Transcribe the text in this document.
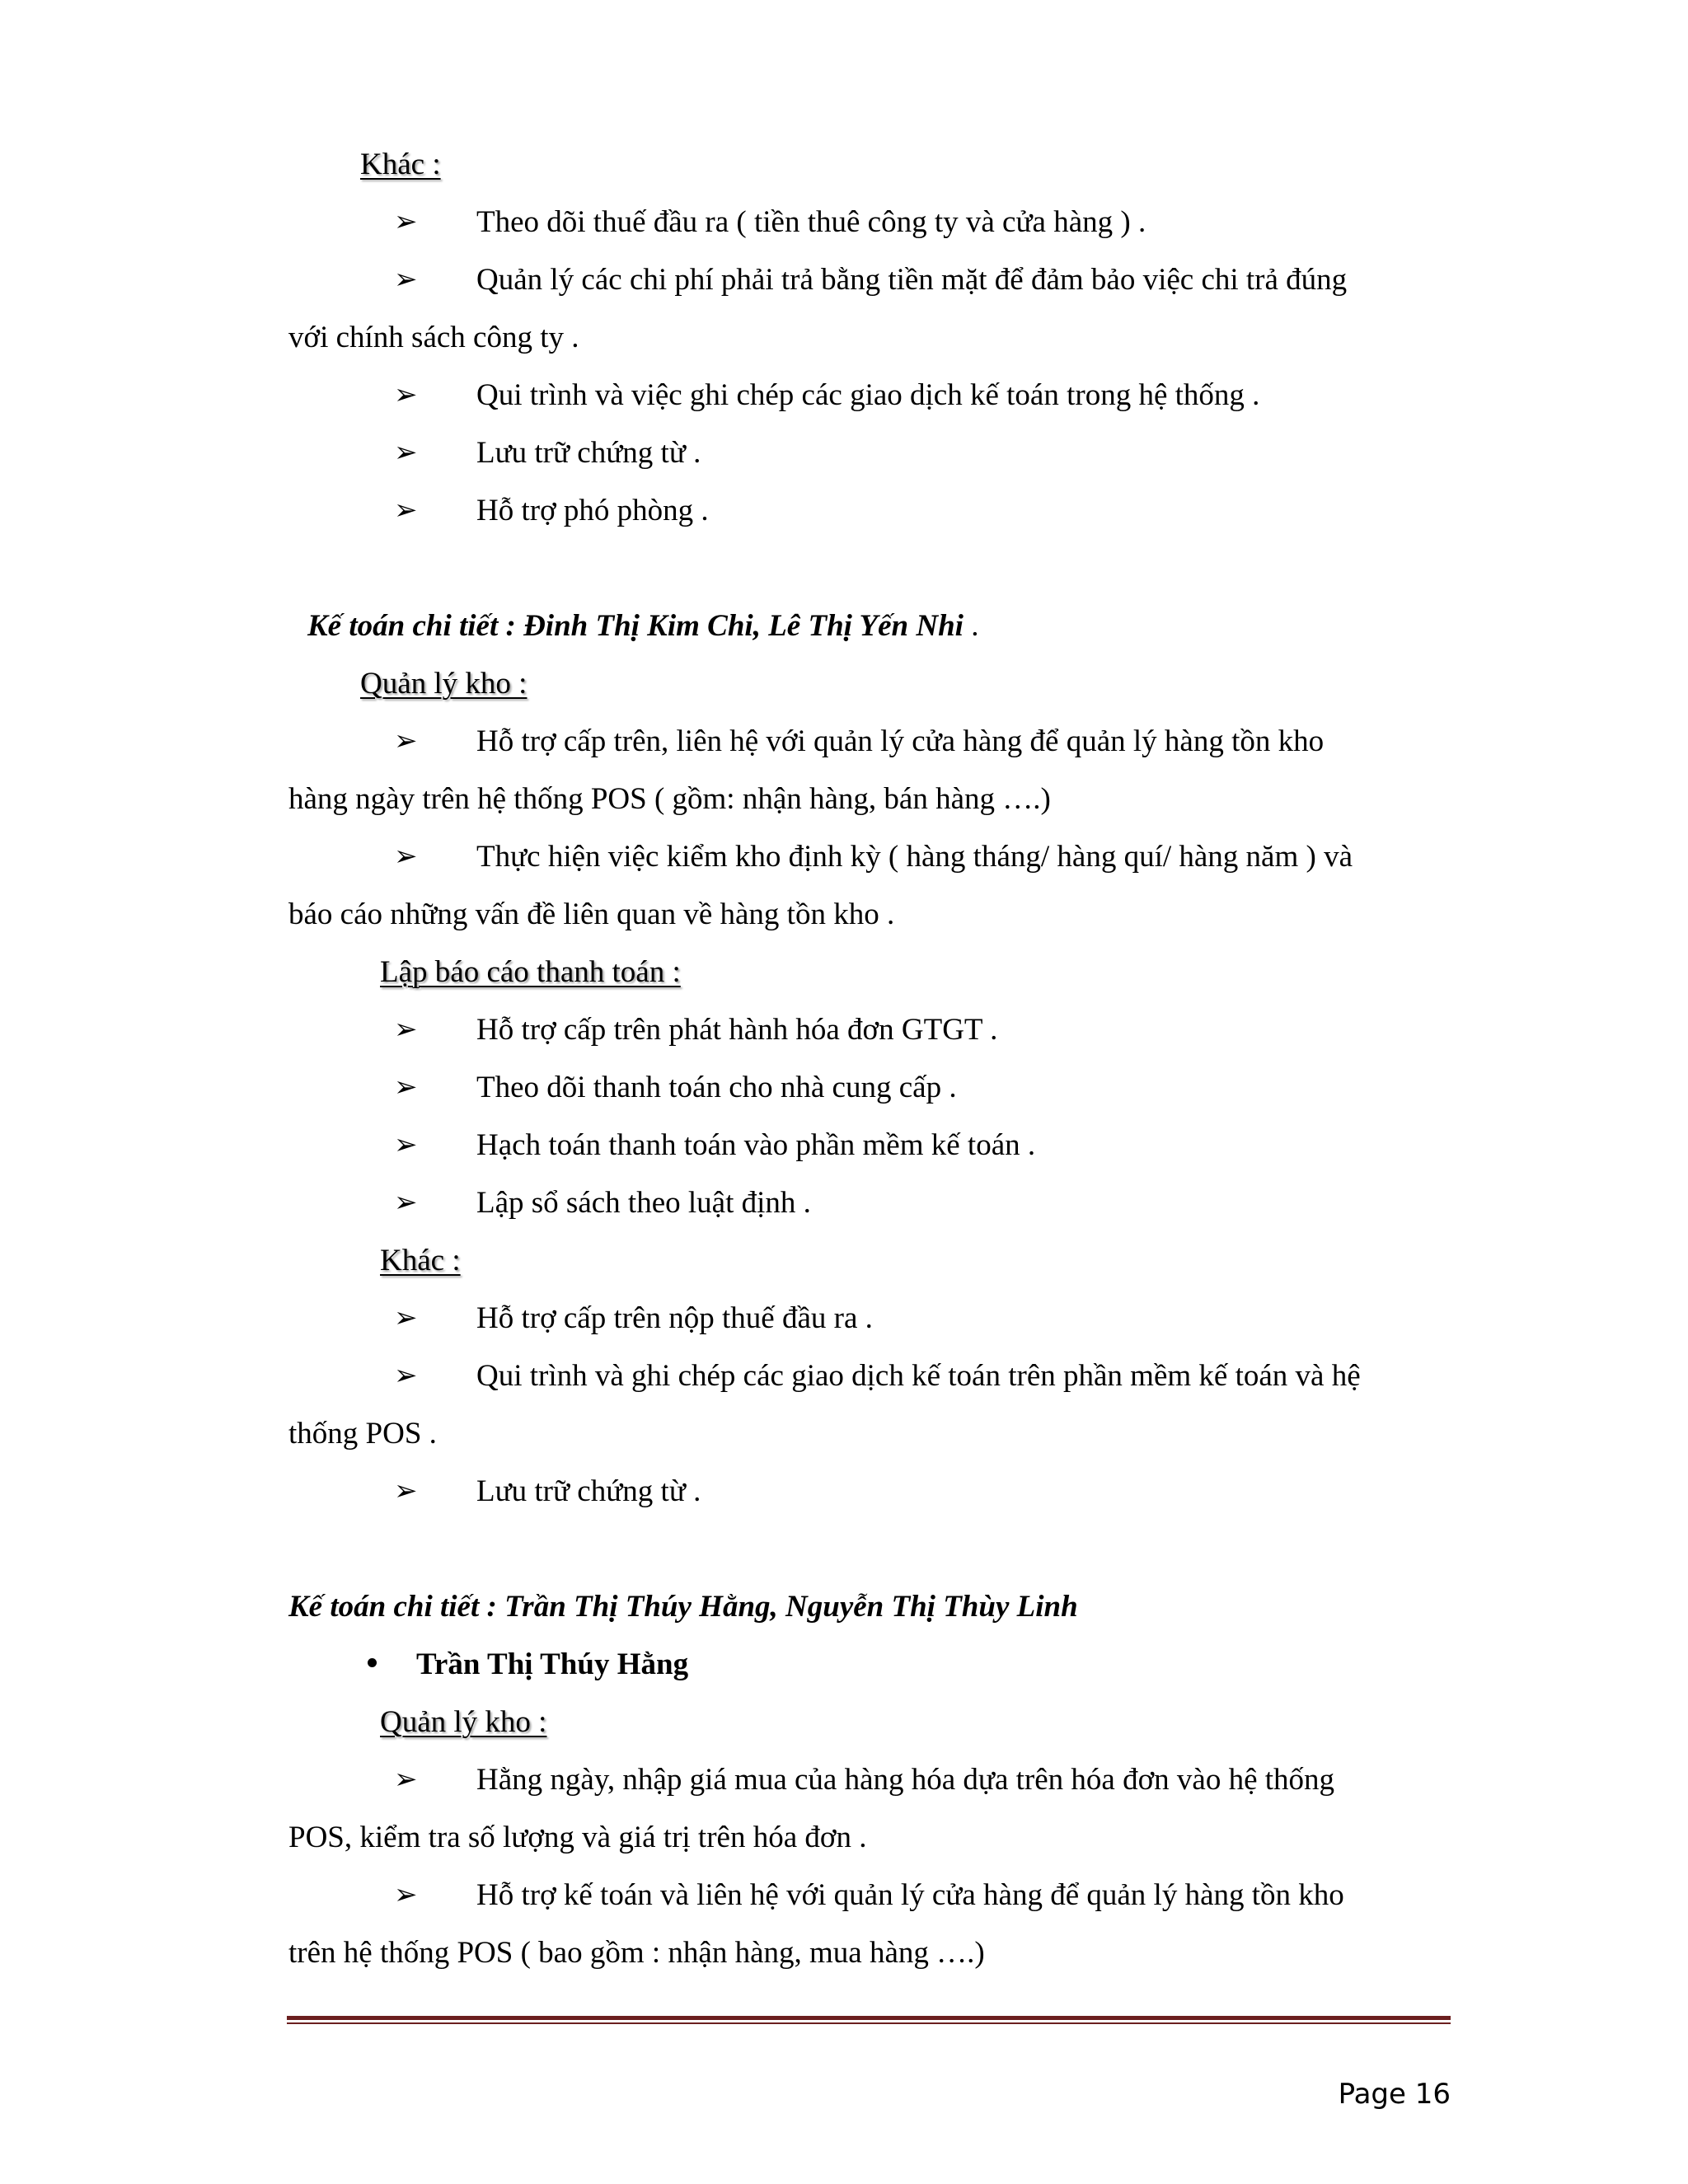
Khác :
➢ Theo dõi thuế đầu ra ( tiền thuê công ty và cửa hàng ) .
➢ Quản lý các chi phí phải trả bằng tiền mặt để đảm bảo việc chi trả đúng
với chính sách công ty .
➢ Qui trình và việc ghi chép các giao dịch kế toán trong hệ thống .
➢ Lưu trữ chứng từ .
➢ Hỗ trợ phó phòng .
Kế toán chi tiết : Đinh Thị Kim Chi, Lê Thị Yến Nhi .
Quản lý kho :
➢ Hỗ trợ cấp trên, liên hệ với quản lý cửa hàng để quản lý hàng tồn kho
hàng ngày trên hệ thống POS ( gồm: nhận hàng, bán hàng ….)
➢ Thực hiện việc kiểm kho định kỳ ( hàng tháng/ hàng quí/ hàng năm ) và
báo cáo những vấn đề liên quan về hàng tồn kho .
Lập báo cáo thanh toán :
➢ Hỗ trợ cấp trên phát hành hóa đơn GTGT .
➢ Theo dõi thanh toán cho nhà cung cấp .
➢ Hạch toán thanh toán vào phần mềm kế toán .
➢ Lập sổ sách theo luật định .
Khác :
➢ Hỗ trợ cấp trên nộp thuế đầu ra .
➢ Qui trình và ghi chép các giao dịch kế toán trên phần mềm kế toán và hệ
thống POS .
➢ Lưu trữ chứng từ .
Kế toán chi tiết : Trần Thị Thúy Hằng, Nguyễn Thị Thùy Linh
Trần Thị Thúy Hằng
Quản lý kho :
➢ Hằng ngày, nhập giá mua của hàng hóa dựa trên hóa đơn vào hệ thống
POS, kiểm tra số lượng và giá trị trên hóa đơn .
➢ Hỗ trợ kế toán và liên hệ với quản lý cửa hàng để quản lý hàng tồn kho
trên hệ thống POS ( bao gồm : nhận hàng, mua hàng ….)
Page 16
